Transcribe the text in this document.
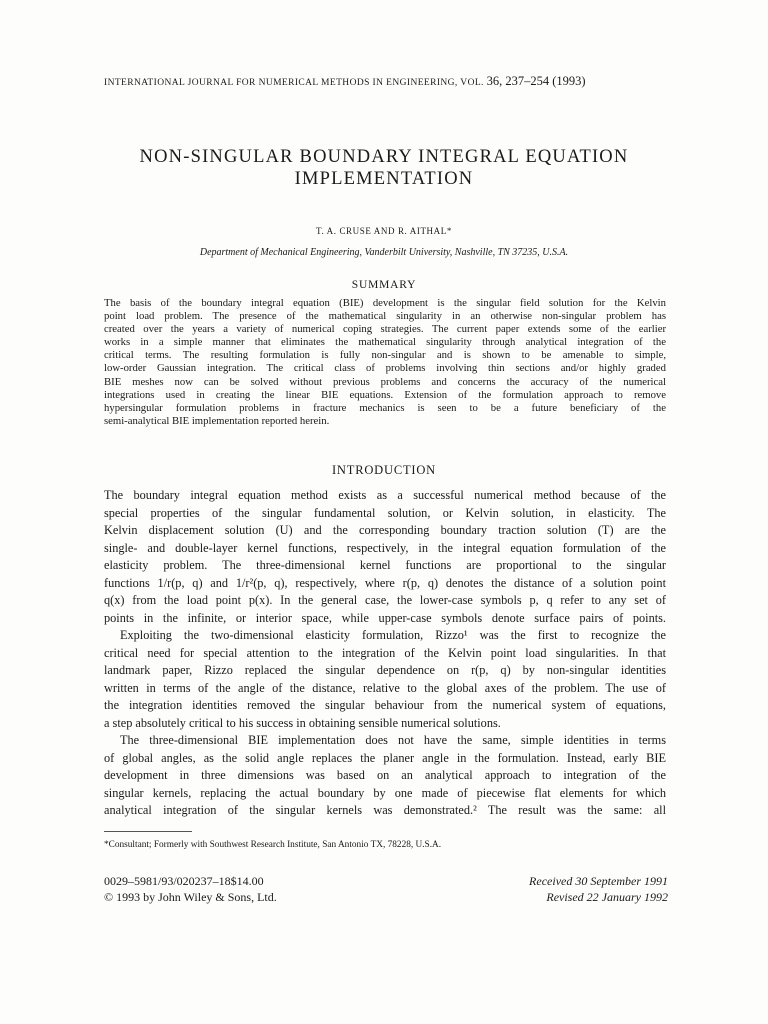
INTERNATIONAL JOURNAL FOR NUMERICAL METHODS IN ENGINEERING, VOL. 36, 237–254 (1993)
NON-SINGULAR BOUNDARY INTEGRAL EQUATION
IMPLEMENTATION
T. A. CRUSE AND R. AITHAL*
Department of Mechanical Engineering, Vanderbilt University, Nashville, TN 37235, U.S.A.
SUMMARY
The basis of the boundary integral equation (BIE) development is the singular field solution for the Kelvin
point load problem. The presence of the mathematical singularity in an otherwise non-singular problem has
created over the years a variety of numerical coping strategies. The current paper extends some of the earlier
works in a simple manner that eliminates the mathematical singularity through analytical integration of the
critical terms. The resulting formulation is fully non-singular and is shown to be amenable to simple,
low-order Gaussian integration. The critical class of problems involving thin sections and/or highly graded
BIE meshes now can be solved without previous problems and concerns the accuracy of the numerical
integrations used in creating the linear BIE equations. Extension of the formulation approach to remove
hypersingular formulation problems in fracture mechanics is seen to be a future beneficiary of the
semi-analytical BIE implementation reported herein.
INTRODUCTION
The boundary integral equation method exists as a successful numerical method because of the
special properties of the singular fundamental solution, or Kelvin solution, in elasticity. The
Kelvin displacement solution (U) and the corresponding boundary traction solution (T) are the
single- and double-layer kernel functions, respectively, in the integral equation formulation of the
elasticity problem. The three-dimensional kernel functions are proportional to the singular
functions 1/r(p, q) and 1/r²(p, q), respectively, where r(p, q) denotes the distance of a solution point
q(x) from the load point p(x). In the general case, the lower-case symbols p, q refer to any set of
points in the infinite, or interior space, while upper-case symbols denote surface pairs of points.
Exploiting the two-dimensional elasticity formulation, Rizzo¹ was the first to recognize the
critical need for special attention to the integration of the Kelvin point load singularities. In that
landmark paper, Rizzo replaced the singular dependence on r(p, q) by non-singular identities
written in terms of the angle of the distance, relative to the global axes of the problem. The use of
the integration identities removed the singular behaviour from the numerical system of equations,
a step absolutely critical to his success in obtaining sensible numerical solutions.
The three-dimensional BIE implementation does not have the same, simple identities in terms
of global angles, as the solid angle replaces the planer angle in the formulation. Instead, early BIE
development in three dimensions was based on an analytical approach to integration of the
singular kernels, replacing the actual boundary by one made of piecewise flat elements for which
analytical integration of the singular kernels was demonstrated.² The result was the same: all
*Consultant; Formerly with Southwest Research Institute, San Antonio TX, 78228, U.S.A.
0029–5981/93/020237–18$14.00
© 1993 by John Wiley & Sons, Ltd.
Received 30 September 1991
Revised 22 January 1992
